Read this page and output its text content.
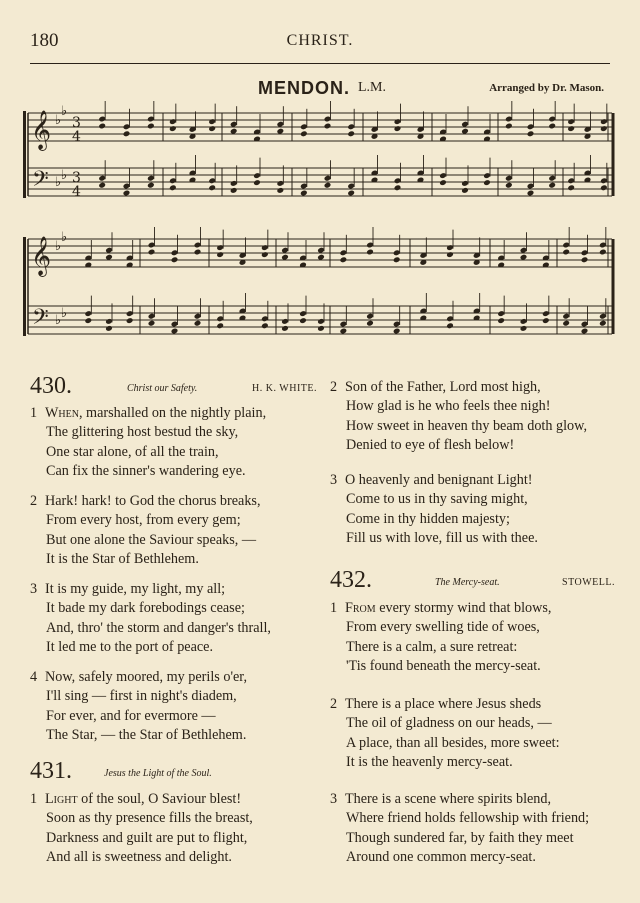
180	CHRIST.
MENDON. L.M.	Arranged by Dr. Mason.
𝄞
𝄢
♭
♭
♭ ♭
3
4
3
4
𝄞
𝄢
♭
♭
♭ ♭
430.	Christ our Safety.	H. K. WHITE.
1 When, marshalled on the nightly plain,
The glittering host bestud the sky,
One star alone, of all the train,
Can fix the sinner's wandering eye.
2 Hark! hark! to God the chorus breaks,
From every host, from every gem;
But one alone the Saviour speaks, —
It is the Star of Bethlehem.
3 It is my guide, my light, my all;
It bade my dark forebodings cease;
And, thro' the storm and danger's thrall,
It led me to the port of peace.
4 Now, safely moored, my perils o'er,
I'll sing — first in night's diadem,
For ever, and for evermore —
The Star, — the Star of Bethlehem.
431.	Jesus the Light of the Soul.
1 Light of the soul, O Saviour blest!
Soon as thy presence fills the breast,
Darkness and guilt are put to flight,
And all is sweetness and delight.
2 Son of the Father, Lord most high,
How glad is he who feels thee nigh!
How sweet in heaven thy beam doth glow,
Denied to eye of flesh below!
3 O heavenly and benignant Light!
Come to us in thy saving might,
Come in thy hidden majesty;
Fill us with love, fill us with thee.
432.	The Mercy-seat.	STOWELL.
1 From every stormy wind that blows,
From every swelling tide of woes,
There is a calm, a sure retreat:
'Tis found beneath the mercy-seat.
2 There is a place where Jesus sheds
The oil of gladness on our heads, —
A place, than all besides, more sweet:
It is the heavenly mercy-seat.
3 There is a scene where spirits blend,
Where friend holds fellowship with friend;
Though sundered far, by faith they meet
Around one common mercy-seat.
